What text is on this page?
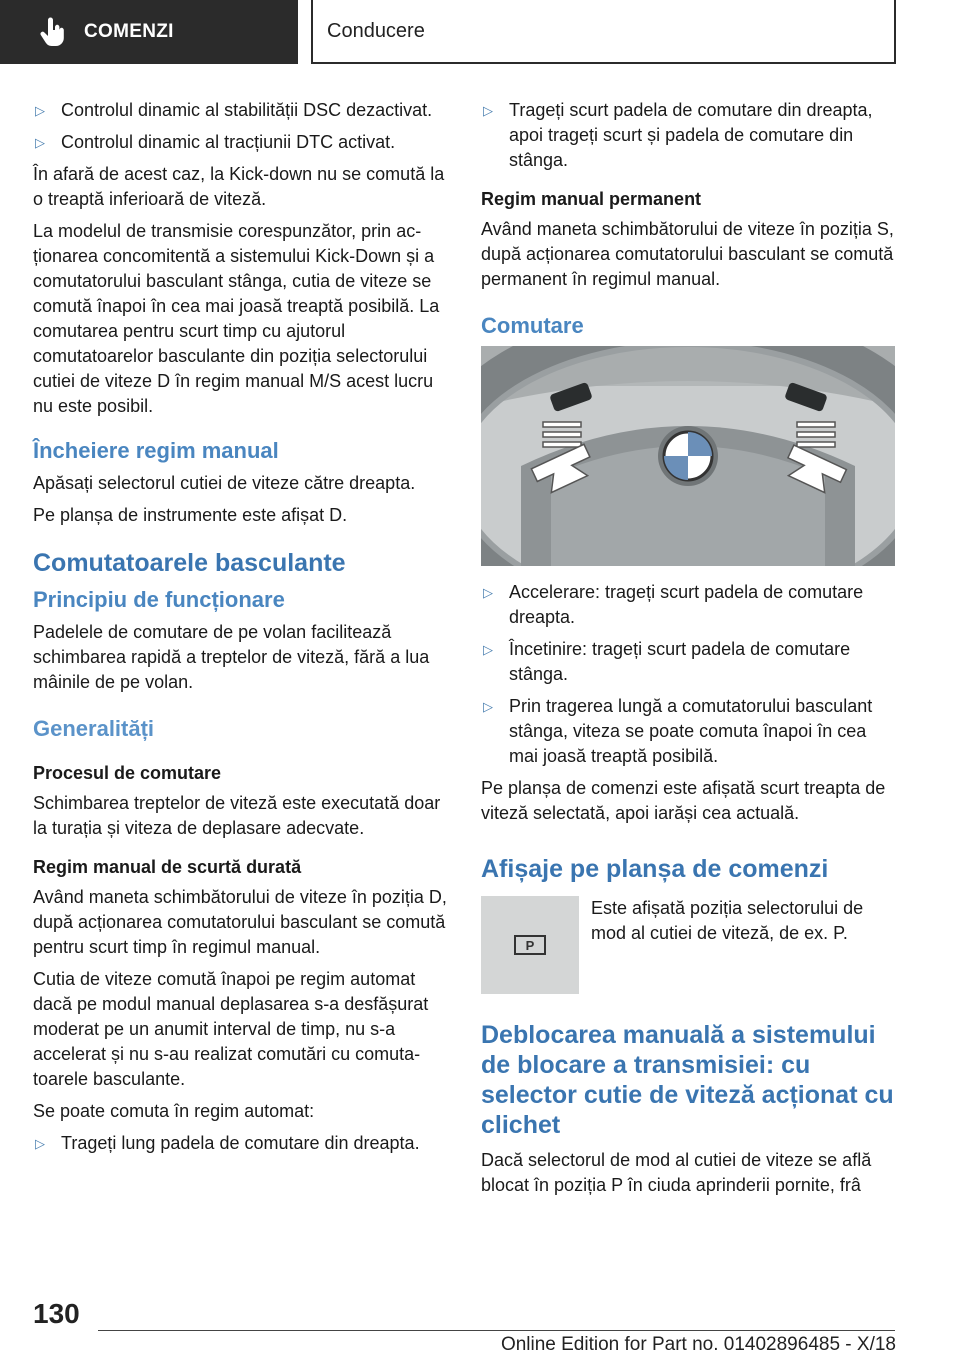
COMENZI	Conducere
▷ Controlul dinamic al stabilității DSC dezactivat.
▷ Controlul dinamic al tracțiunii DTC activat.

În afară de acest caz, la Kick-down nu se comută la o treaptă inferioară de viteză.

La modelul de transmisie corespunzător, prin acționarea concomitentă a sistemului Kick-Down și a comutatorului basculant stânga, cutia de viteze se comută înapoi în cea mai joasă treaptă posibilă. La comutarea pentru scurt timp cu ajutorul comutatoarelor basculante din poziția selectorului cutiei de viteze D în regim manual M/S acest lucru nu este posibil.

Încheiere regim manual

Apăsați selectorul cutiei de viteze către dreapta.

Pe planșa de instrumente este afișat D.

Comutatoarele basculante
Principiu de funcționare

Padelele de comutare de pe volan facilitează schimbarea rapidă a treptelor de viteză, fără a lua mâinile de pe volan.

Generalități
Procesul de comutare

Schimbarea treptelor de viteză este executată doar la turația și viteza de deplasare adecvate.

Regim manual de scurtă durată

Având maneta schimbătorului de viteze în poziția D, după acționarea comutatorului basculant se comută pentru scurt timp în regimul manual.

Cutia de viteze comută înapoi pe regim automat dacă pe modul manual deplasarea s-a desfășurat moderat pe un anumit interval de timp, nu s-a accelerat și nu s-au realizat comutări cu comutatoarele basculante.

Se poate comuta în regim automat:

▷ Trageți lung padela de comutare din dreapta.
▷ Trageți scurt padela de comutare din dreapta, apoi trageți scurt și padela de comutare din stânga.
Regim manual permanent

Având maneta schimbătorului de viteze în poziția S, după acționarea comutatorului basculant se comută permanent în regimul manual.

Comutare
▷ Accelerare: trageți scurt padela de comutare dreapta.
▷ Încetinire: trageți scurt padela de comutare stânga.
▷ Prin tragerea lungă a comutatorului basculant stânga, viteza se poate comuta înapoi în cea mai joasă treaptă posibilă.

Pe planșa de comenzi este afișată scurt treapta de viteză selectată, apoi iarăși cea actuală.

Afișaje pe planșa de comenzi
P
Este afișată poziția selectorului de mod al cutiei de viteză, de ex. P.
Deblocarea manuală a sistemului de blocare a transmisiei: cu selector cutie de viteză acționat cu clichet

Dacă selectorul de mod al cutiei de viteze se află blocat în poziția P în ciuda aprinderii pornite, frâ

130
Online Edition for Part no. 01402896485 - X/18
